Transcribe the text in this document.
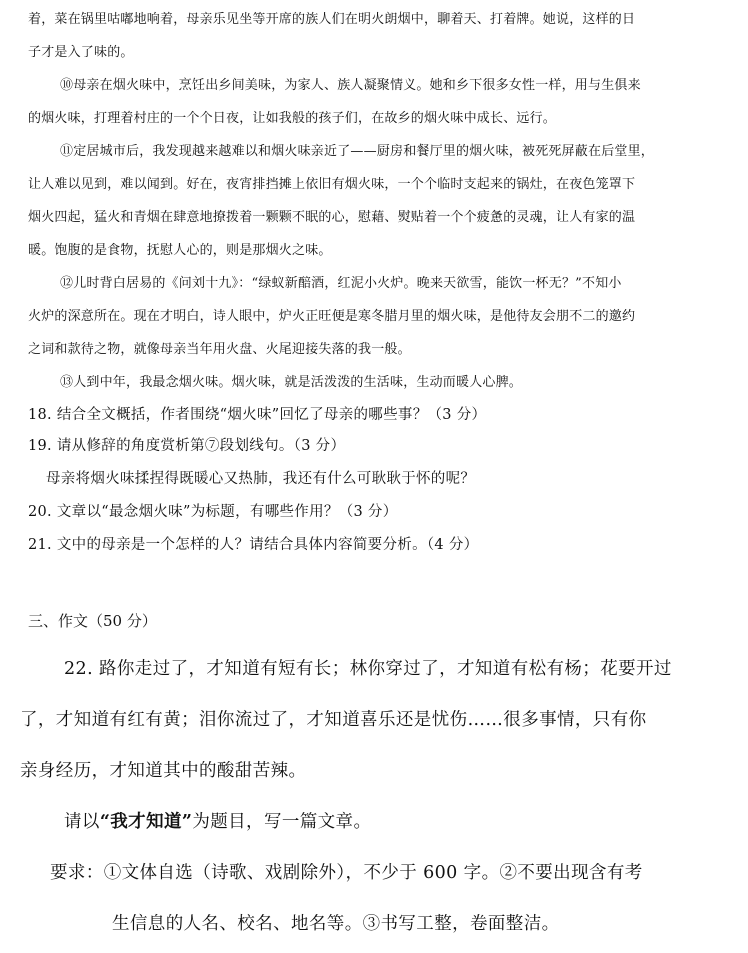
着，菜在锅里咕嘟地响着，母亲乐见坐等开席的族人们在明火朗烟中，聊着天、打着牌。她说，这样的日
子才是入了味的。
⑩母亲在烟火味中，烹饪出乡间美味，为家人、族人凝聚情义。她和乡下很多女性一样，用与生俱来
的烟火味，打理着村庄的一个个日夜，让如我般的孩子们，在故乡的烟火味中成长、远行。
⑪定居城市后，我发现越来越难以和烟火味亲近了——厨房和餐厅里的烟火味，被死死屏蔽在后堂里，
让人难以见到，难以闻到。好在，夜宵排挡摊上依旧有烟火味，一个个临时支起来的锅灶，在夜色笼罩下
烟火四起，猛火和青烟在肆意地撩拨着一颗颗不眠的心，慰藉、熨贴着一个个疲惫的灵魂，让人有家的温
暖。饱腹的是食物，抚慰人心的，则是那烟火之味。
⑫儿时背白居易的《问刘十九》：“绿蚁新醅酒，红泥小火炉。晚来天欲雪，能饮一杯无？”不知小
火炉的深意所在。现在才明白，诗人眼中，炉火正旺便是寒冬腊月里的烟火味，是他待友会朋不二的邀约
之词和款待之物，就像母亲当年用火盘、火尾迎接失落的我一般。
⑬人到中年，我最念烟火味。烟火味，就是活泼泼的生活味，生动而暖人心脾。
18. 结合全文概括，作者围绕“烟火味”回忆了母亲的哪些事？（3 分）
19. 请从修辞的角度赏析第⑦段划线句。（3 分）
母亲将烟火味揉捏得既暖心又热肺，我还有什么可耿耿于怀的呢？
20. 文章以“最念烟火味”为标题，有哪些作用？（3 分）
21. 文中的母亲是一个怎样的人？请结合具体内容简要分析。（4 分）
三、作文（50 分）
22. 路你走过了，才知道有短有长；林你穿过了，才知道有松有杨；花要开过
了，才知道有红有黄；泪你流过了，才知道喜乐还是忧伤……很多事情，只有你
亲身经历，才知道其中的酸甜苦辣。
请以“我才知道”为题目，写一篇文章。
要求：①文体自选（诗歌、戏剧除外），不少于 600 字。②不要出现含有考
生信息的人名、校名、地名等。③书写工整，卷面整洁。
